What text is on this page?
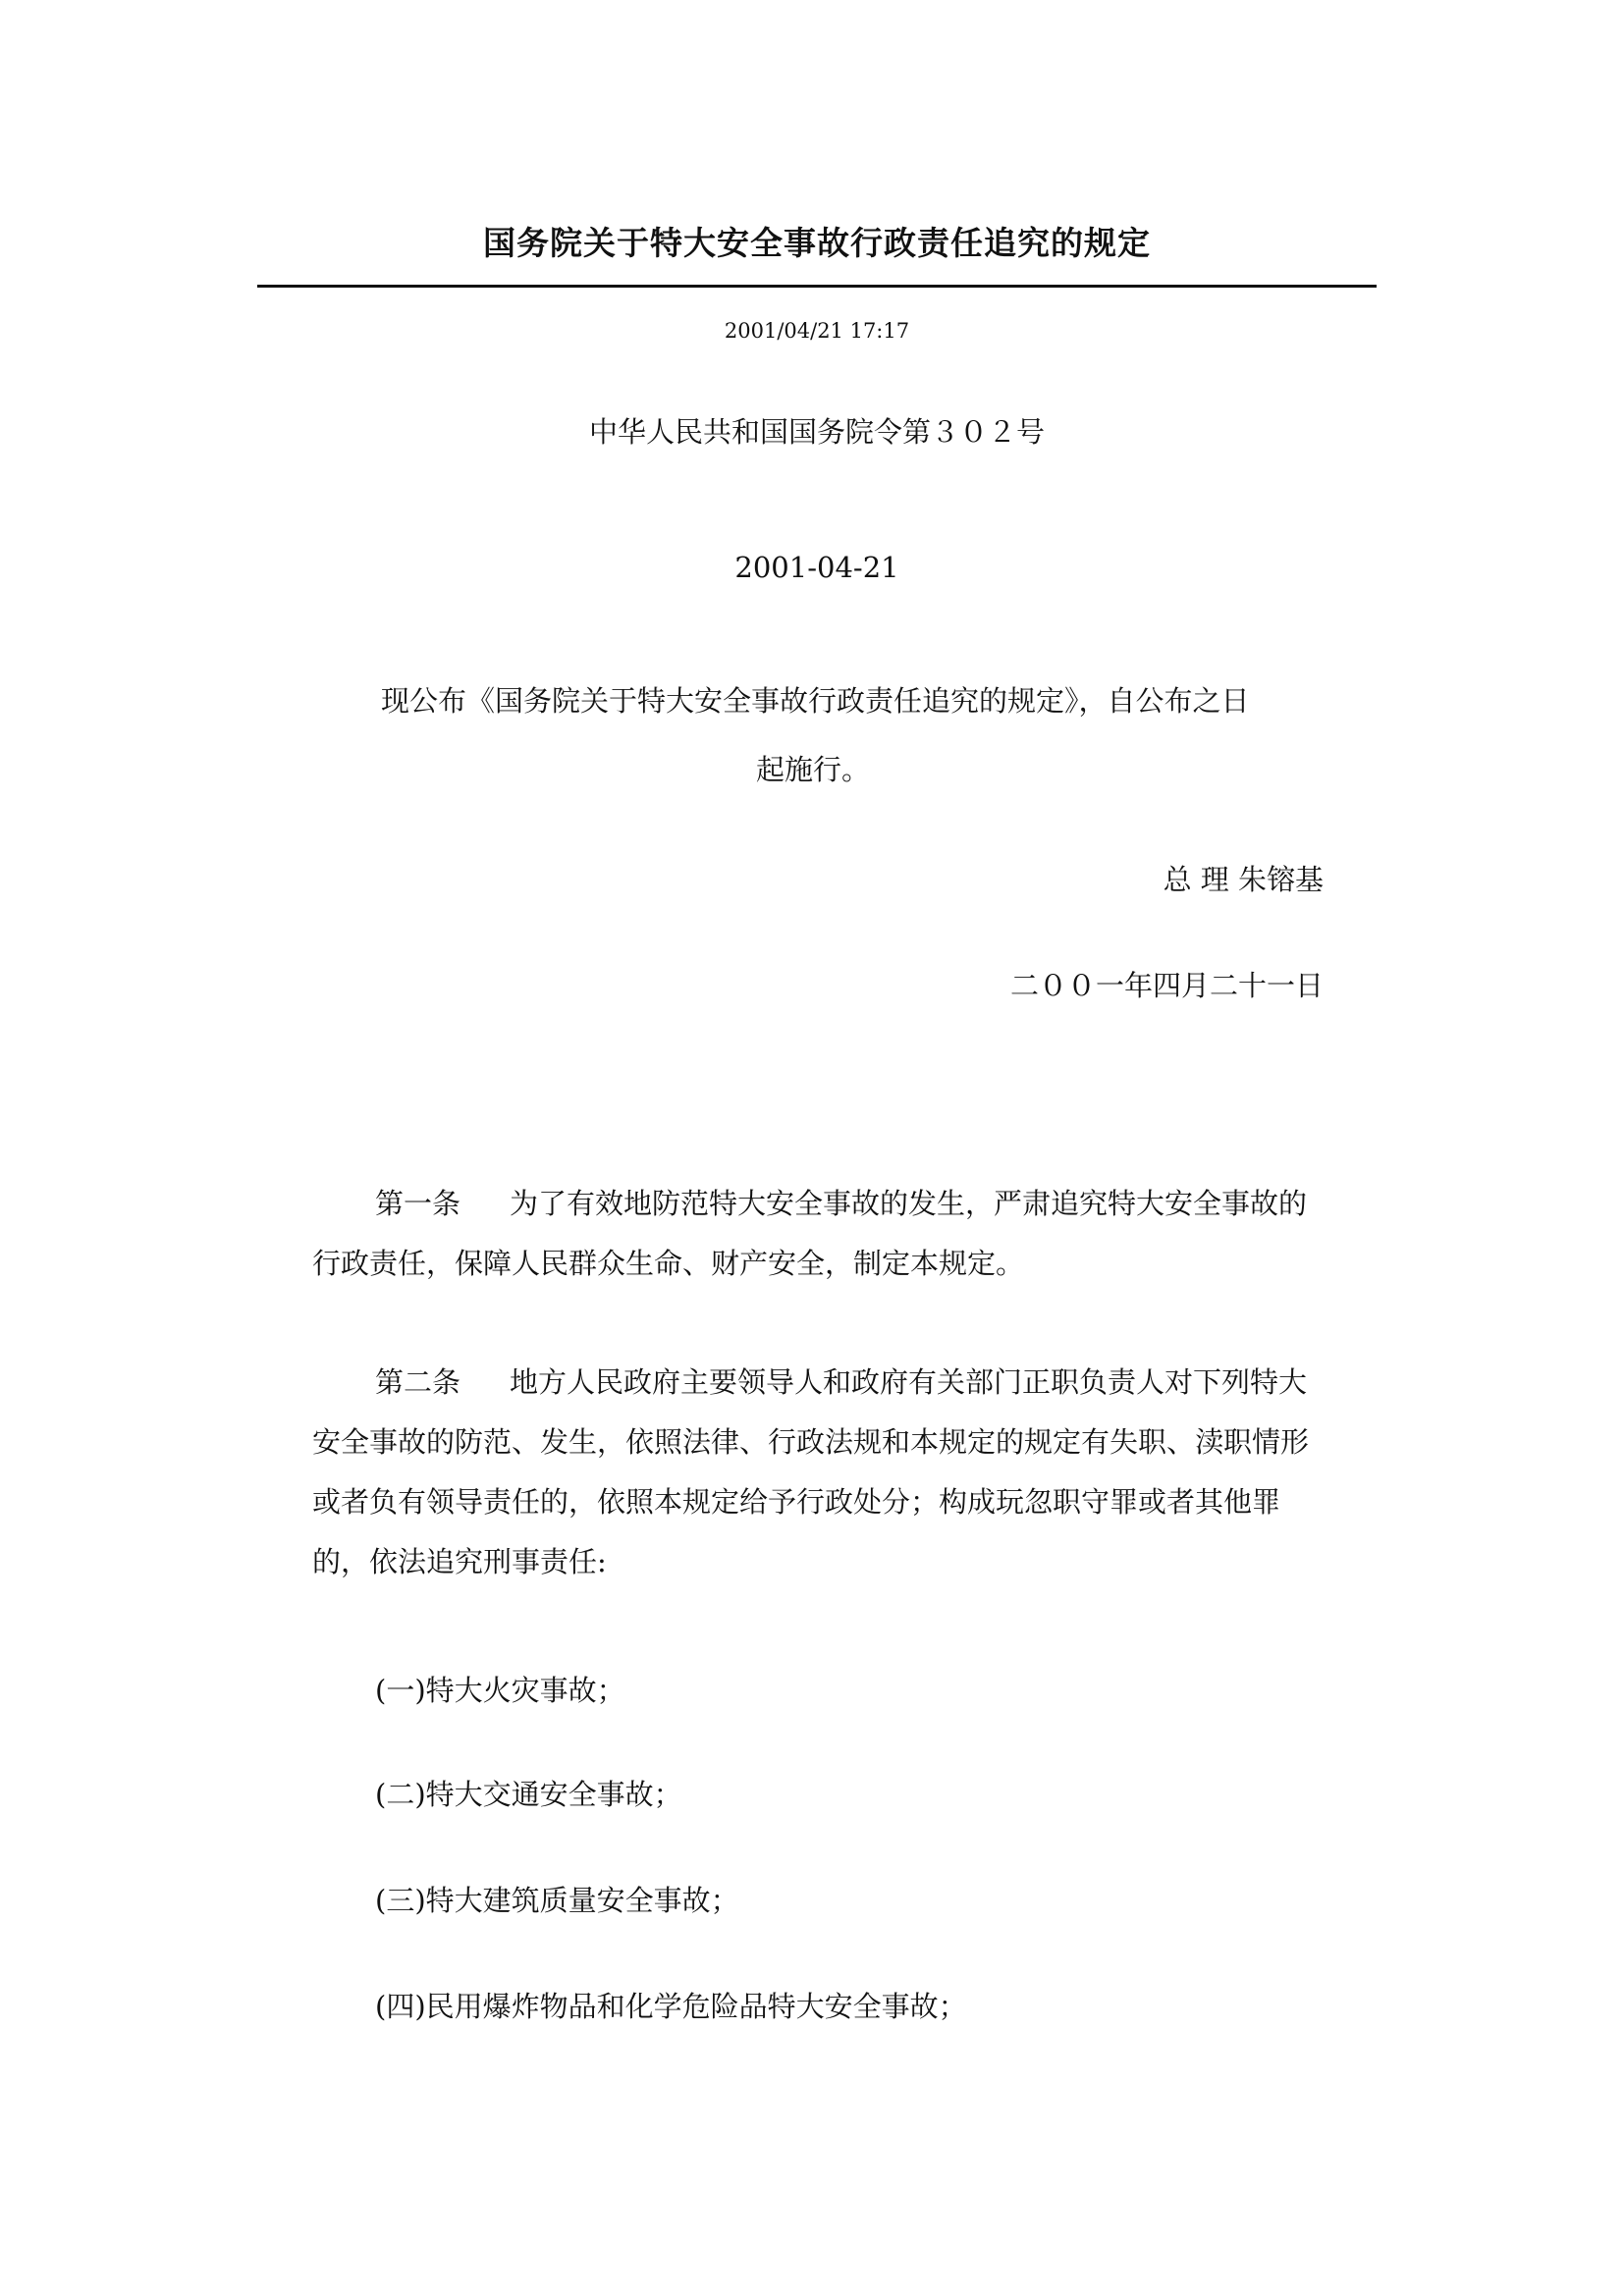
国务院关于特大安全事故行政责任追究的规定
2001/04/21 17:17
中华人民共和国国务院令第３０２号
2001-04-21
现公布《国务院关于特大安全事故行政责任追究的规定》，自公布之日
起施行。
总 理 朱镕基
二００一年四月二十一日
第一条 为了有效地防范特大安全事故的发生，严肃追究特大安全事故的行政责任，保障人民群众生命、财产安全，制定本规定。
第二条 地方人民政府主要领导人和政府有关部门正职负责人对下列特大安全事故的防范、发生，依照法律、行政法规和本规定的规定有失职、渎职情形或者负有领导责任的，依照本规定给予行政处分；构成玩忽职守罪或者其他罪的，依法追究刑事责任:
(一)特大火灾事故；
(二)特大交通安全事故；
(三)特大建筑质量安全事故；
(四)民用爆炸物品和化学危险品特大安全事故；
